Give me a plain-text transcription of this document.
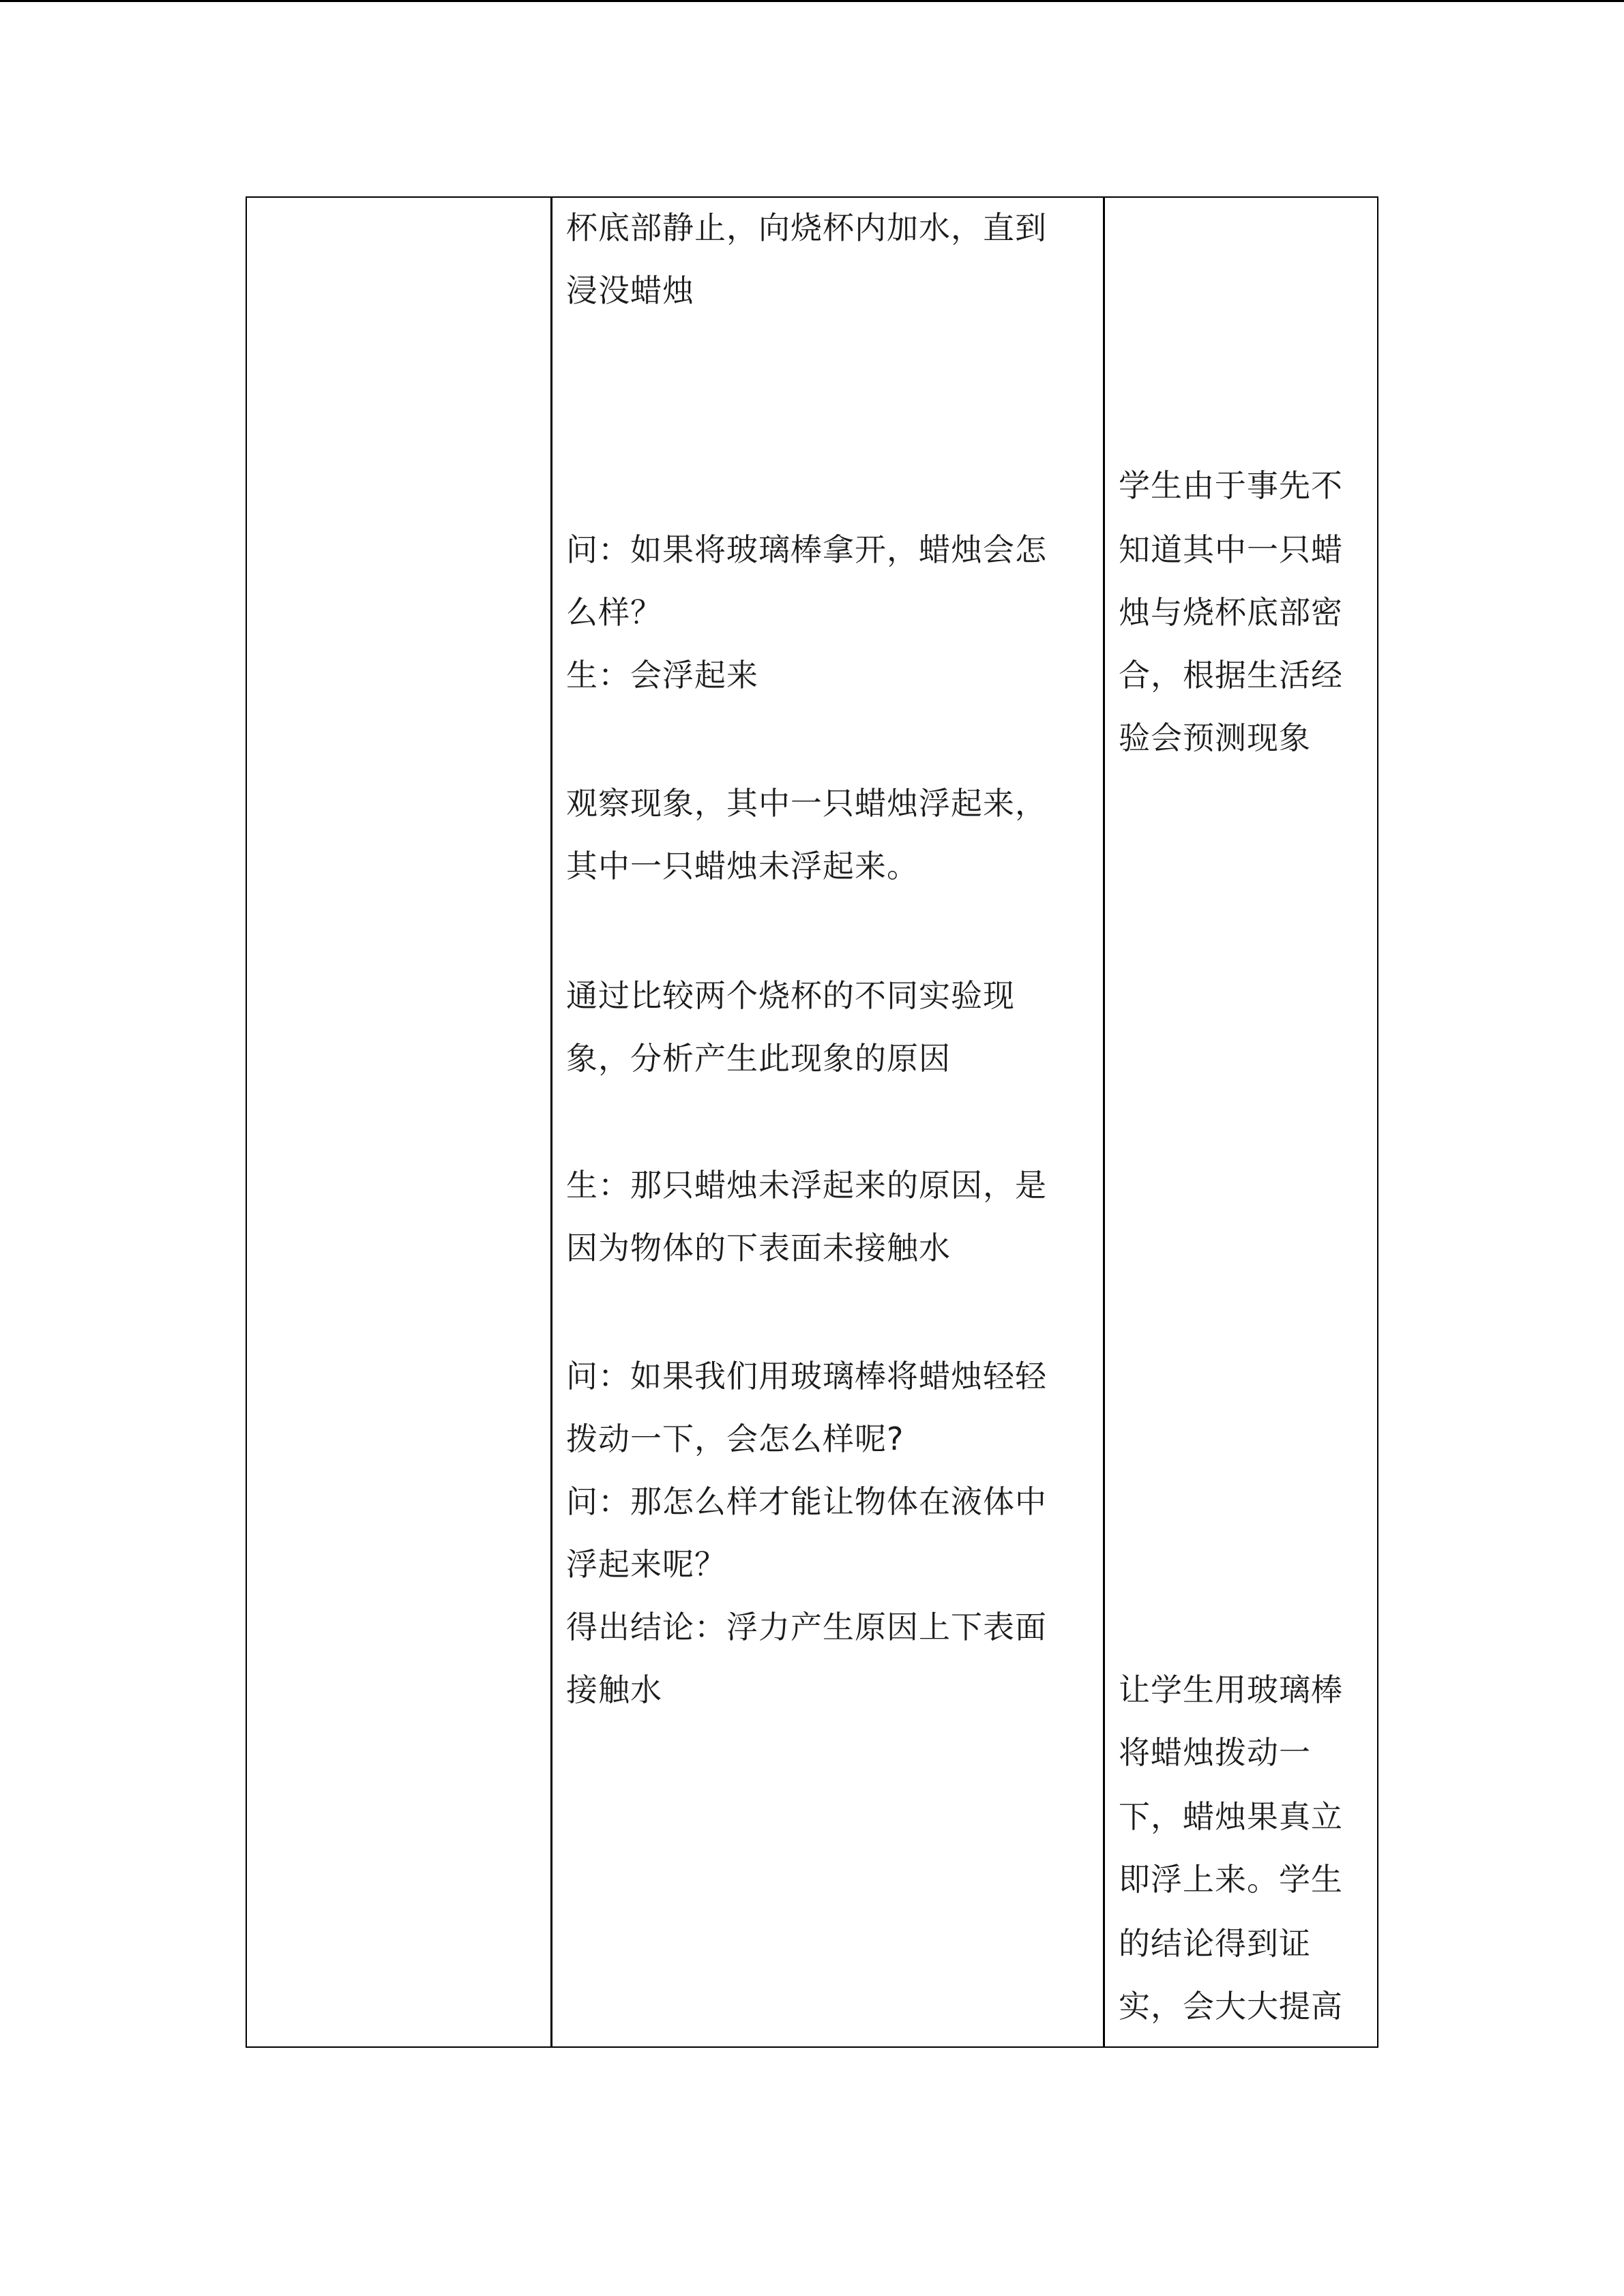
杯底部静止，向烧杯内加水，直到
浸没蜡烛
问：如果将玻璃棒拿开，蜡烛会怎
么样？
生：会浮起来
观察现象，其中一只蜡烛浮起来，
其中一只蜡烛未浮起来。
通过比较两个烧杯的不同实验现
象，分析产生此现象的原因
生：那只蜡烛未浮起来的原因，是
因为物体的下表面未接触水
问：如果我们用玻璃棒将蜡烛轻轻
拨动一下，会怎么样呢?
问：那怎么样才能让物体在液体中
浮起来呢？
得出结论：浮力产生原因上下表面
接触水
学生由于事先不
知道其中一只蜡
烛与烧杯底部密
合，根据生活经
验会预测现象
让学生用玻璃棒
将蜡烛拨动一
下，蜡烛果真立
即浮上来。学生
的结论得到证
实，会大大提高
